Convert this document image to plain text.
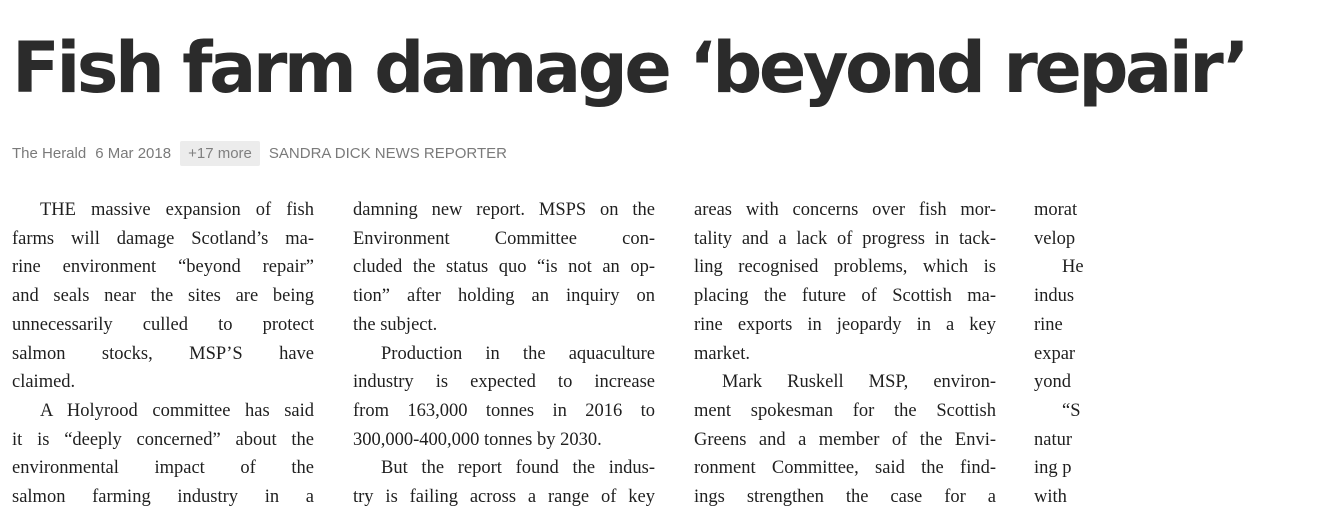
Fish farm damage ‘beyond repair’
The Herald 6 Mar 2018	+17 more	SANDRA DICK NEWS REPORTER

THE massive expansion of fish
farms will damage Scotland’s ma-
rine environment “beyond repair”
and seals near the sites are being
unnecessarily culled to protect
salmon stocks, MSP’S have
claimed.

A Holyrood committee has said
it is “deeply concerned” about the
environmental impact of the
salmon farming industry in a

damning new report. MSPS on the
Environment Committee con-
cluded the status quo “is not an op-
tion” after holding an inquiry on
the subject.

Production in the aquaculture
industry is expected to increase
from 163,000 tonnes in 2016 to
300,000-400,000 tonnes by 2030.

But the report found the indus-
try is failing across a range of key

areas with concerns over fish mor-
tality and a lack of progress in tack-
ling recognised problems, which is
placing the future of Scottish ma-
rine exports in jeopardy in a key
market.

Mark Ruskell MSP, environ-
ment spokesman for the Scottish
Greens and a member of the Envi-
ronment Committee, said the find-
ings strengthen the case for a

morat
velop

He
indus
rine
expar
yond

“S
natur
ing p
with
